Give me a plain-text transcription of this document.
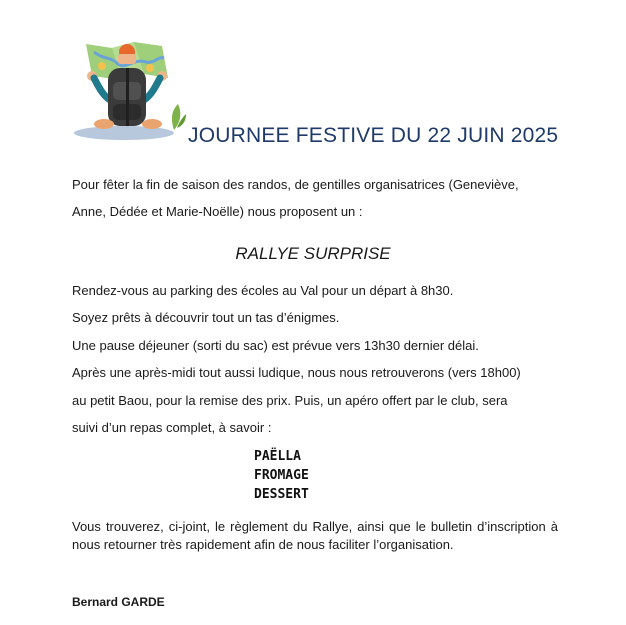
JOURNEE FESTIVE DU 22 JUIN 2025
Pour fêter la fin de saison des randos, de gentilles organisatrices (Geneviève,
Anne, Dédée et Marie-Noëlle) nous proposent un :
RALLYE SURPRISE
Rendez-vous au parking des écoles au Val pour un départ à 8h30.
Soyez prêts à découvrir tout un tas d’énigmes.
Une pause déjeuner (sorti du sac) est prévue vers 13h30 dernier délai.
Après une après-midi tout aussi ludique, nous nous retrouverons (vers 18h00)
au petit Baou, pour la remise des prix. Puis, un apéro offert par le club, sera
suivi d’un repas complet, à savoir :
PAËLLA
FROMAGE
DESSERT
Vous trouverez, ci-joint, le règlement du Rallye, ainsi que le bulletin d’inscription à nous retourner très rapidement afin de nous faciliter l’organisation.
Bernard GARDE
